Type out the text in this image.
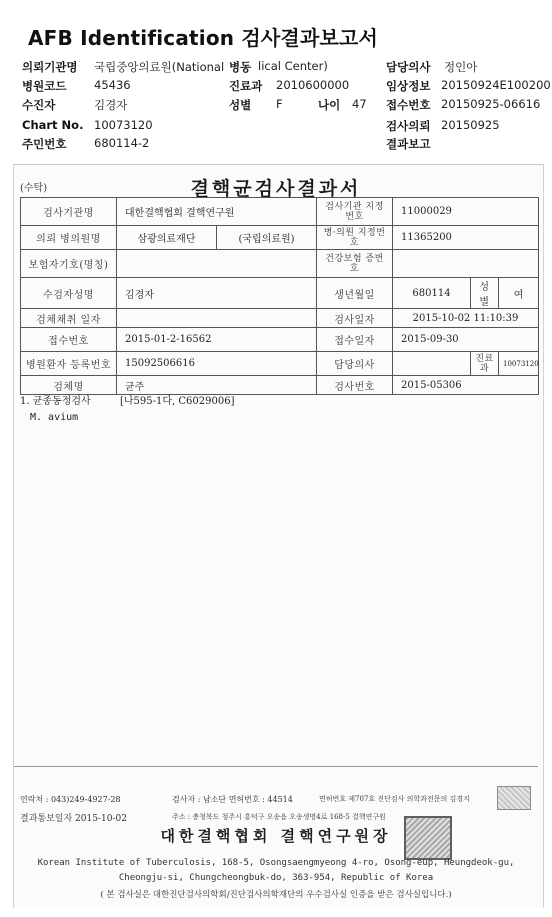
AFB Identification 검사결과보고서
의뢰기관명 국립중앙의료원(National 병동 lical Center)	담당의사 정인아
병원코드 45436	진료과 2010600000	임상정보 20150924E100200
수진자	김경자	성별 F	나이 47 접수번호 20150925-06616
Chart No. 10073120	검사의뢰 20150925
주민번호 680114-2	결과보고
(수탁)	결핵균검사결과서
검사기관명	대한결핵협회 결핵연구원		검사기관 지정번호	11000029		
의뢰 병의원명	삼광의료재단	(국립의료원)	병·의원 지정번호	11365200		
보험자기호(명칭)			건강보험 증번호			
수검자성명	김경자		생년월일	680114	성별	여
검체채취 일자			검사일자	2015-10-02 11:10:39		
접수번호	2015-01-2-16562		접수일자	2015-09-30		
병원환자 등록번호	15092506616		담당의사		진료과	10073120
검체명	균주		검사번호	2015-05306		
1. 균종동정검사	[나595-1다, C6029006]
M. avium
연락처 : 043)249-4927-28	검사자 : 남소단 면허번호 : 44514	면허번호 제707호 진단검사 의학과전문의 김경지
결과통보일자 2015-10-02	주소 : 충청북도 청주시 흥덕구 오송읍 오송생명4로 168-5 결핵연구원
대한결핵협회 결핵연구원장
Korean Institute of Tuberculosis, 168-5, Osongsaengmyeong 4-ro, Osong-eup, Heungdeok-gu,
Cheongju-si, Chungcheongbuk-do, 363-954, Republic of Korea
( 본 검사실은 대한진단검사의학회/진단검사의학재단의 우수검사실 인증을 받은 검사실입니다.)
